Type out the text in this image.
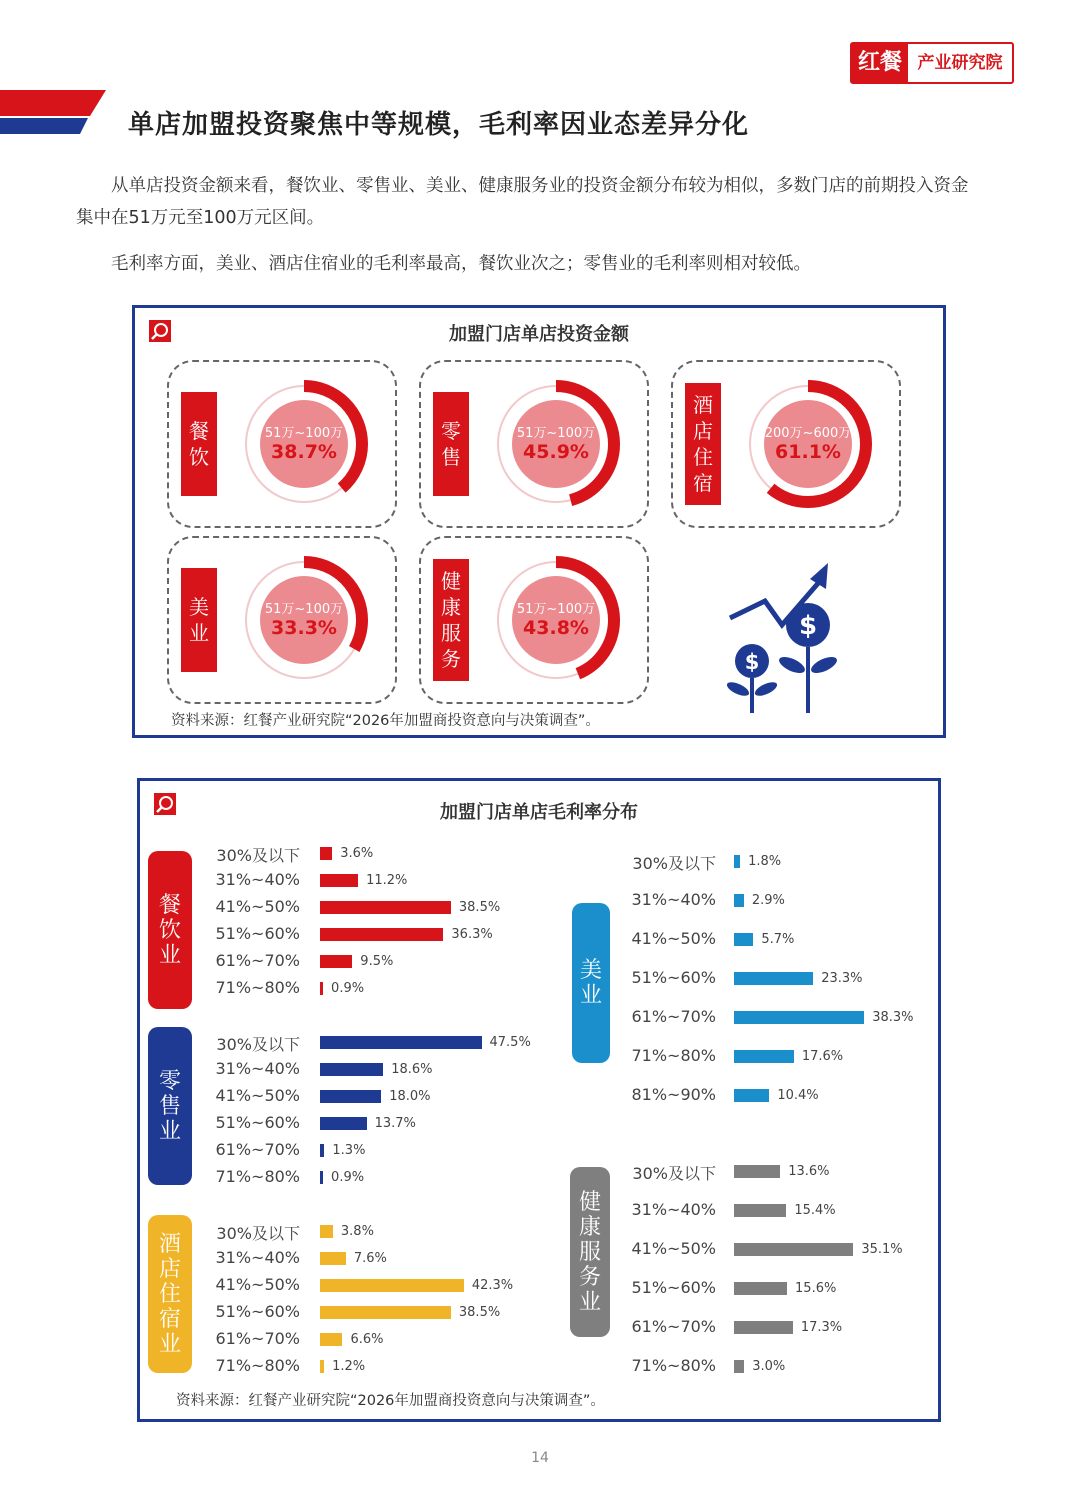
红餐 产业研究院
单店加盟投资聚焦中等规模，毛利率因业态差异分化
从单店投资金额来看，餐饮业、零售业、美业、健康服务业的投资金额分布较为相似，多数门店的前期投入资金集中在51万元至100万元区间。
毛利率方面，美业、酒店住宿业的毛利率最高，餐饮业次之；零售业的毛利率则相对较低。
加盟门店单店投资金额
餐
饮
51万~100万
38.7%
零
售
51万~100万
45.9%
酒
店
住
宿
200万~600万
61.1%
美
业
51万~100万
33.3%
健
康
服
务
51万~100万
43.8%	$
$
资料来源：红餐产业研究院“2026年加盟商投资意向与决策调查”。
加盟门店单店毛利率分布
餐
饮
业
30%及以下	3.6%
31%~40%	11.2%
41%~50%	38.5%
51%~60%	36.3%
61%~70%	9.5%
71%~80% 0.9%
零
售
业
30%及以下	47.5%
31%~40%	18.6%
41%~50%	18.0%
51%~60%	13.7%
61%~70% 1.3%
71%~80% 0.9%
酒
店
住
宿
业
30%及以下	3.8%
31%~40%	7.6%
41%~50%	42.3%
51%~60%	38.5%
61%~70%	6.6%
71%~80% 1.2%
美
业
30%及以下 1.8%
31%~40%	2.9%
41%~50%	5.7%
51%~60%	23.3%
61%~70%	38.3%
71%~80%	17.6%
81%~90%	10.4%
健
康
服
务
业
30%及以下	13.6%
31%~40%	15.4%
41%~50%	35.1%
51%~60%	15.6%
61%~70%	17.3%
71%~80%	3.0%
资料来源：红餐产业研究院“2026年加盟商投资意向与决策调查”。
14
